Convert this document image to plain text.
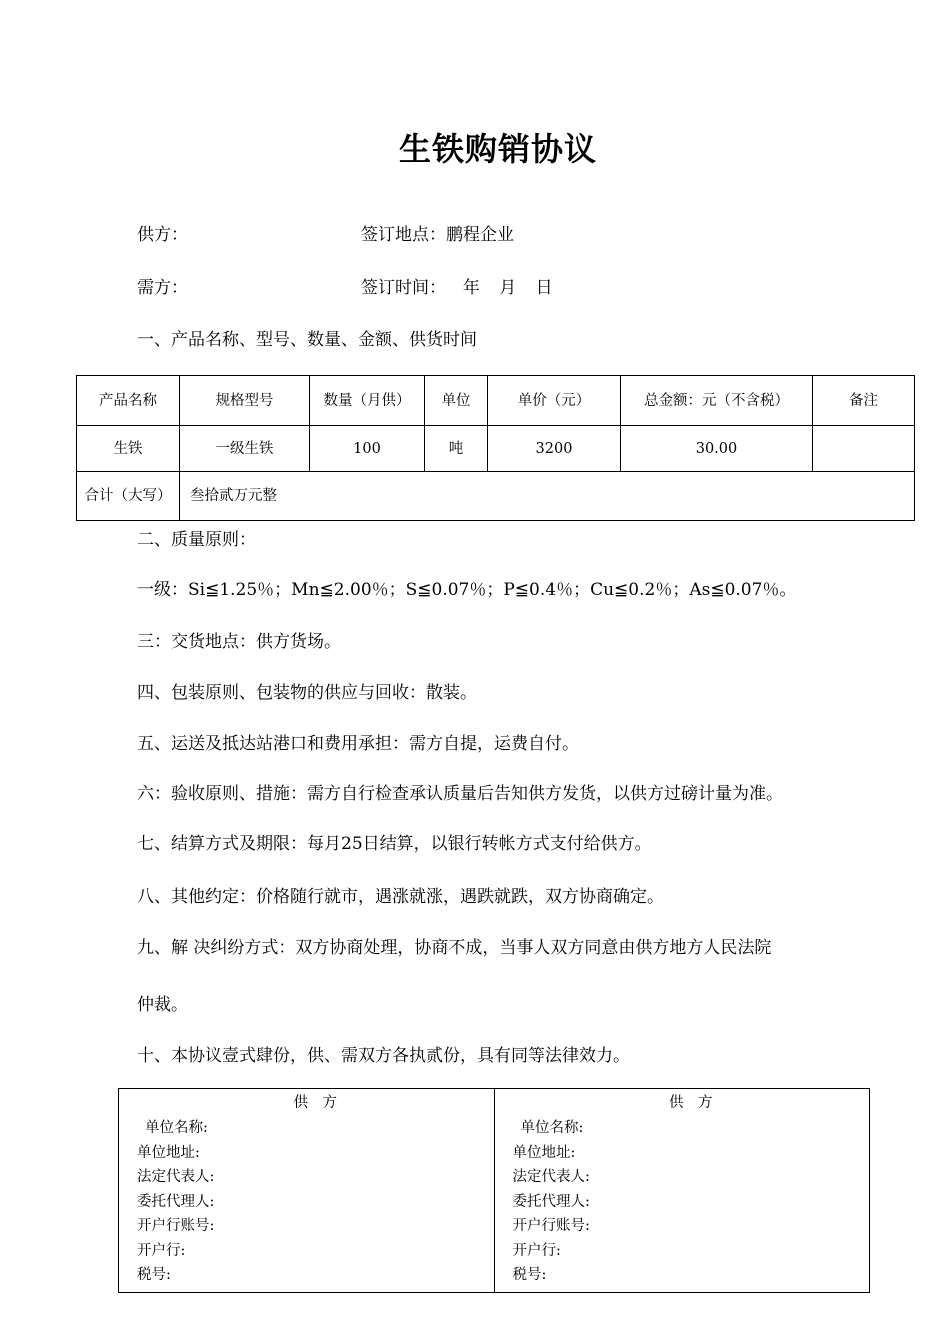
生铁购销协议
供方：	签订地点：鹏程企业
需方：	签订时间： 年 月 日
一、产品名称、型号、数量、金额、供货时间
产品名称	规格型号	数量（月供）	单位	单价（元）	总金额：元（不含税）	备注
生铁	一级生铁	100	吨	3200	30.00	
合计（大写）	叁拾贰万元整					
二、质量原则：
一级：Si≦1.25％；Mn≦2.00％；S≦0.07％；P≦0.4％；Cu≦0.2％；As≦0.07％。
三：交货地点：供方货场。
四、包装原则、包装物的供应与回收：散装。
五、运送及抵达站港口和费用承担：需方自提，运费自付。
六：验收原则、措施：需方自行检查承认质量后告知供方发货，以供方过磅计量为准。
七、结算方式及期限：每月25日结算，以银行转帐方式支付给供方。
八、其他约定：价格随行就市，遇涨就涨，遇跌就跌，双方协商确定。
九、解 决纠纷方式：双方协商处理，协商不成，当事人双方同意由供方地方人民法院
仲裁。
十、本协议壹式肆份，供、需双方各执贰份，具有同等法律效力。
供　方
单位名称:
单位地址:
法定代表人:
委托代理人:
开户行账号:
开户行:
税号:

供　方
单位名称:
单位地址:
法定代表人:
委托代理人:
开户行账号:
开户行:
税号:
